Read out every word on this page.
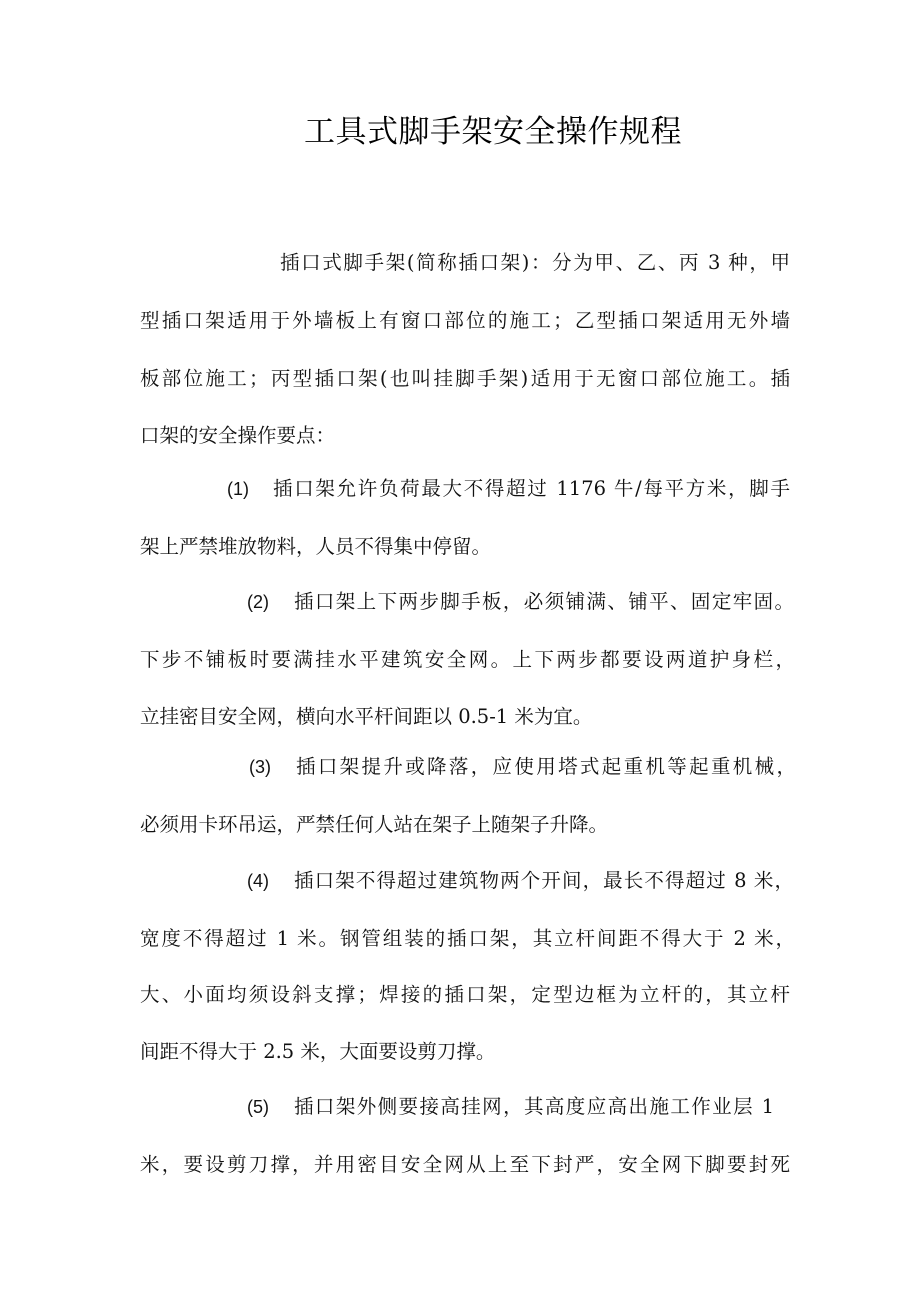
工具式脚手架安全操作规程
插口式脚手架(简称插口架)：分为甲、乙、丙 3 种，甲
型插口架适用于外墙板上有窗口部位的施工；乙型插口架适用无外墙
板部位施工；丙型插口架(也叫挂脚手架)适用于无窗口部位施工。插
口架的安全操作要点：
(1)	插口架允许负荷最大不得超过 1176 牛/每平方米，脚手
架上严禁堆放物料，人员不得集中停留。
(2)	插口架上下两步脚手板，必须铺满、铺平、固定牢固。
下步不铺板时要满挂水平建筑安全网。上下两步都要设两道护身栏，
立挂密目安全网，横向水平杆间距以 0.5-1 米为宜。
(3)	插口架提升或降落，应使用塔式起重机等起重机械，
必须用卡环吊运，严禁任何人站在架子上随架子升降。
(4)	插口架不得超过建筑物两个开间，最长不得超过 8 米，
宽度不得超过 1 米。钢管组装的插口架，其立杆间距不得大于 2 米，
大、小面均须设斜支撑；焊接的插口架，定型边框为立杆的，其立杆
间距不得大于 2.5 米，大面要设剪刀撑。
(5)	插口架外侧要接高挂网，其高度应高出施工作业层 1
米，要设剪刀撑，并用密目安全网从上至下封严，安全网下脚要封死
